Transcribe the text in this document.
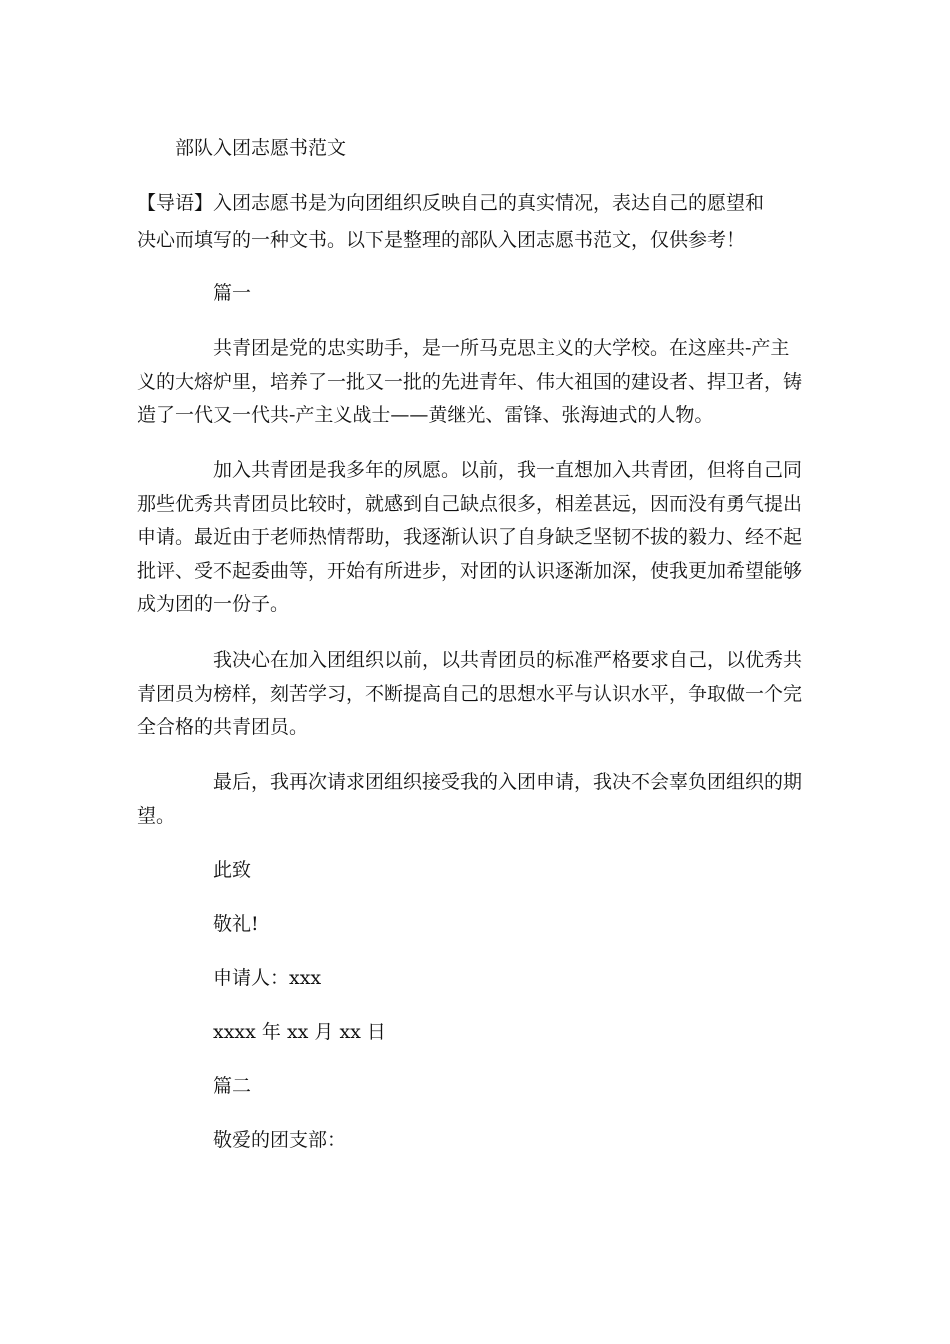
部队入团志愿书范文

【导语】入团志愿书是为向团组织反映自己的真实情况，表达自己的愿望和

决心而填写的一种文书。以下是整理的部队入团志愿书范文，仅供参考！

篇一

共青团是党的忠实助手，是一所马克思主义的大学校。在这座共-产主

义的大熔炉里，培养了一批又一批的先进青年、伟大祖国的建设者、捍卫者，铸

造了一代又一代共-产主义战士——黄继光、雷锋、张海迪式的人物。

加入共青团是我多年的夙愿。以前，我一直想加入共青团，但将自己同

那些优秀共青团员比较时，就感到自己缺点很多，相差甚远，因而没有勇气提出

申请。最近由于老师热情帮助，我逐渐认识了自身缺乏坚韧不拔的毅力、经不起

批评、受不起委曲等，开始有所进步，对团的认识逐渐加深，使我更加希望能够

成为团的一份子。

我决心在加入团组织以前，以共青团员的标准严格要求自己，以优秀共

青团员为榜样，刻苦学习，不断提高自己的思想水平与认识水平，争取做一个完

全合格的共青团员。

最后，我再次请求团组织接受我的入团申请，我决不会辜负团组织的期

望。

此致

敬礼!

申请人：xxx

xxxx 年 xx 月 xx 日

篇二

敬爱的团支部：
